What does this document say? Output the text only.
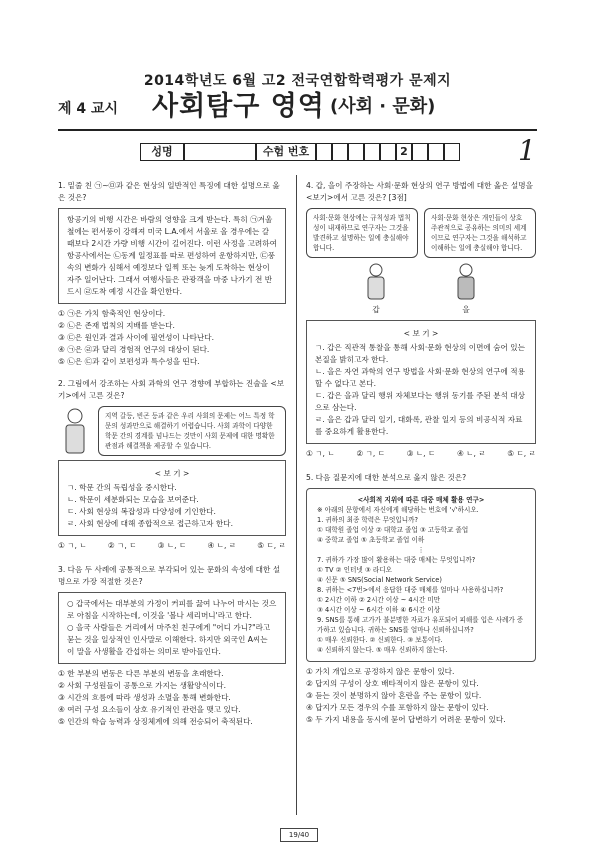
2014학년도 6월 고2 전국연합학력평가 문제지
제 4 교시 사회탐구 영역 (사회 · 문화)
성명	수험 번호	2	1
1. 밑줄 친 ㉠~㉤과 같은 현상의 일반적인 특징에 대한 설명으로 옳은 것은?
항공기의 비행 시간은 바람의 영향을 크게 받는다. 특히 ㉠겨울철에는 편서풍이 강해져 미국 L.A.에서 서울로 올 경우에는 갈 때보다 2시간 가량 비행 시간이 길어진다. 이런 사정을 고려하여 항공사에서는 ㉡동계 일정표를 따로 편성하여 운항하지만, ㉢풍속의 변화가 심해서 예정보다 일찍 또는 늦게 도착하는 현상이 자주 일어난다. 그래서 여행사들은 관광객을 마중 나가기 전 반드시 ㉣도착 예정 시간을 확인한다.
① ㉠은 가치 함축적인 현상이다.
② ㉡은 존재 법칙의 지배를 받는다.
③ ㉢은 원인과 결과 사이에 필연성이 나타난다.
④ ㉠은 ㉣과 달리 경험적 연구의 대상이 된다.
⑤ ㉡은 ㉢과 같이 보편성과 특수성을 띤다.
2. 그림에서 강조하는 사회 과학의 연구 경향에 부합하는 진술을 <보기>에서 고른 것은?
지역 갈등, 빈곤 등과 같은 우리 사회의 문제는 어느 특정 학문의 성과만으로 해결하기 어렵습니다. 사회 과학이 다양한 학문 간의 경계를 넘나드는 것만이 사회 문제에 대한 명확한 관점과 해결책을 제공할 수 있습니다.
< 보 기 >
ㄱ. 학문 간의 독립성을 중시한다.
ㄴ. 학문이 세분화되는 모습을 보여준다.
ㄷ. 사회 현상의 복잡성과 다양성에 기인한다.
ㄹ. 사회 현상에 대해 종합적으로 접근하고자 한다.
① ㄱ, ㄴ	② ㄱ, ㄷ	③ ㄴ, ㄷ	④ ㄴ, ㄹ	⑤ ㄷ, ㄹ
3. 다음 두 사례에 공통적으로 부각되어 있는 문화의 속성에 대한 설명으로 가장 적절한 것은?
○ 갑국에서는 대부분의 가정이 커피를 끓여 나누어 마시는 것으로 아침을 시작하는데, 이것을 '볼나 세리머니'라고 한다.
○ 을국 사람들은 거리에서 마주친 친구에게 "어디 가니?"라고 묻는 것을 일상적인 인사말로 이해한다. 하지만 외국인 A씨는 이 말을 사생활을 간섭하는 의미로 받아들인다.
① 한 부분의 변동은 다른 부분의 변동을 초래한다.
② 사회 구성원들이 공통으로 가지는 생활양식이다.
③ 시간의 흐름에 따라 생성과 소멸을 통해 변화한다.
④ 여러 구성 요소들이 상호 유기적인 관련을 맺고 있다.
⑤ 인간의 학습 능력과 상징체계에 의해 전승되어 축적된다.
4. 갑, 을이 주장하는 사회·문화 현상의 연구 방법에 대한 옳은 설명을 <보기>에서 고른 것은? [3점]
사회·문화 현상에는 규칙성과 법칙성이 내재하므로 연구자는 그것을 발견하고 설명하는 일에 충실해야 합니다.
사회·문화 현상은 개인들이 상호 주관적으로 공유하는 의미의 세계이므로 연구자는 그것을 해석하고 이해하는 일에 충실해야 합니다.
갑	을
< 보 기 >
ㄱ. 갑은 직관적 통찰을 통해 사회·문화 현상의 이면에 숨어 있는 본질을 밝히고자 한다.
ㄴ. 을은 자연 과학의 연구 방법을 사회·문화 현상의 연구에 적용할 수 없다고 본다.
ㄷ. 갑은 을과 달리 행위 자체보다는 행위 동기를 주된 분석 대상으로 삼는다.
ㄹ. 을은 갑과 달리 일기, 대화록, 관찰 일지 등의 비공식적 자료를 중요하게 활용한다.
① ㄱ, ㄴ	② ㄱ, ㄷ	③ ㄴ, ㄷ	④ ㄴ, ㄹ	⑤ ㄷ, ㄹ
5. 다음 질문지에 대한 분석으로 옳지 않은 것은?
<사회적 지위에 따른 대중 매체 활용 연구>
※ 아래의 문항에서 자신에게 해당하는 번호에 '√'하시오.
1. 귀하의 최종 학력은 무엇입니까?
① 대학원 졸업 이상 ② 대학교 졸업 ③ 고등학교 졸업
④ 중학교 졸업 ⑤ 초등학교 졸업 이하
⋮
7. 귀하가 가장 많이 활용하는 대중 매체는 무엇입니까?
① TV ② 인터넷 ③ 라디오
④ 신문 ⑤ SNS(Social Network Service)
8. 귀하는 <7번>에서 응답한 대중 매체를 얼마나 사용하십니까?
① 2시간 이하 ② 2시간 이상 ~ 4시간 미만
③ 4시간 이상 ~ 6시간 이하 ④ 6시간 이상
9. SNS를 통해 고가가 불분명한 자료가 유포되어 피해를 입은 사례가 증가하고 있습니다. 귀하는 SNS를 얼마나 신뢰하십니까?
① 매우 신뢰한다. ② 신뢰한다. ③ 보통이다.
④ 신뢰하지 않는다. ⑤ 매우 신뢰하지 않는다.
① 가치 개입으로 공정하지 않은 문항이 있다.
② 답지의 구성이 상호 배타적이지 않은 문항이 있다.
③ 듣는 것이 분명하지 않아 혼란을 주는 문항이 있다.
④ 답지가 모든 경우의 수를 포함하지 않는 문항이 있다.
⑤ 두 가지 내용을 동시에 묻어 답변하기 어려운 문항이 있다.
19/40
